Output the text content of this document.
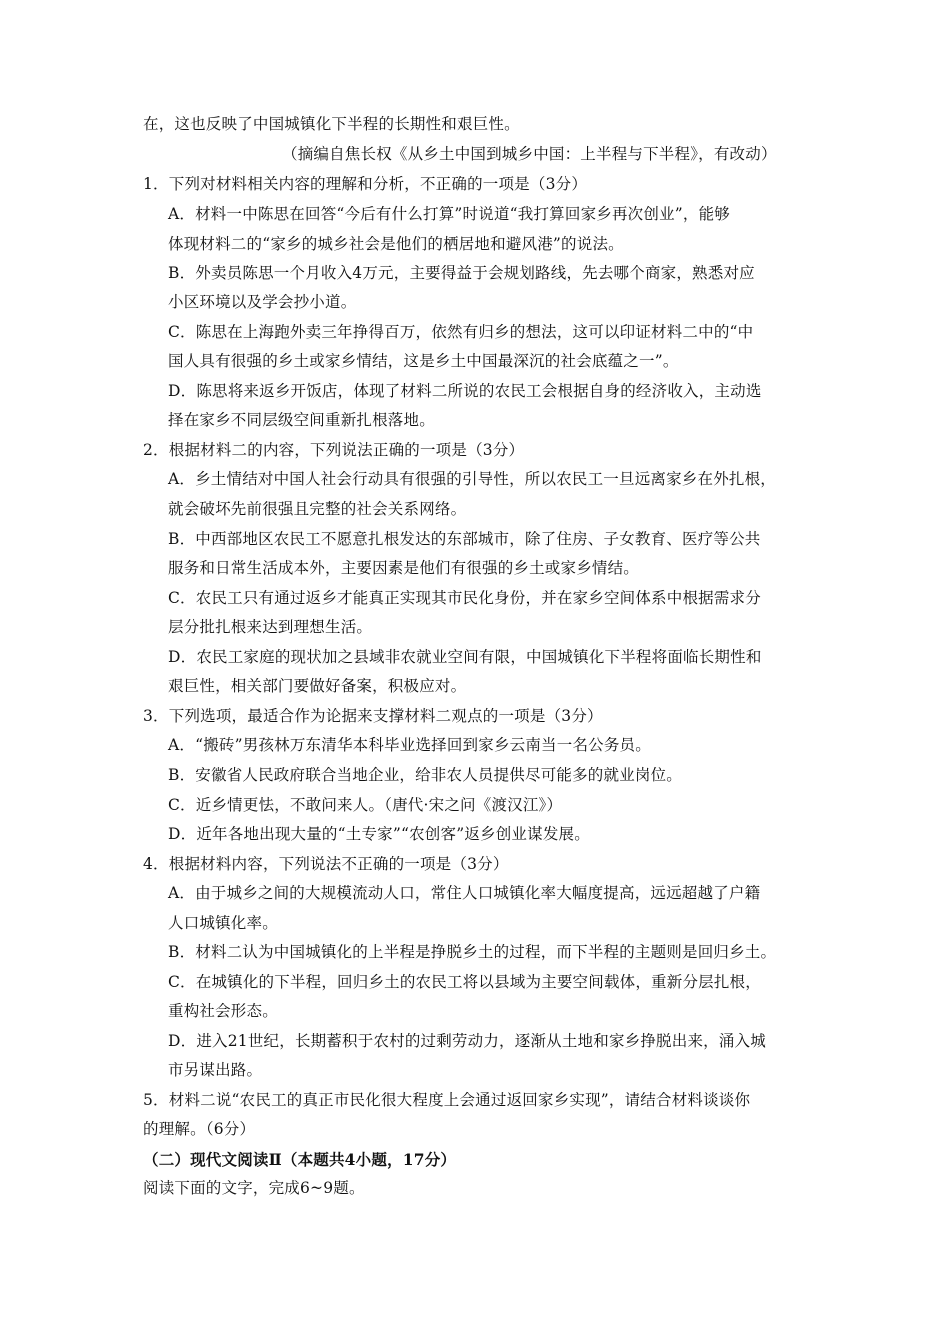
在，这也反映了中国城镇化下半程的长期性和艰巨性。
（摘编自焦长权《从乡土中国到城乡中国：上半程与下半程》，有改动）
1．下列对材料相关内容的理解和分析，不正确的一项是（3分）
A．材料一中陈思在回答“今后有什么打算”时说道“我打算回家乡再次创业”，能够
体现材料二的“家乡的城乡社会是他们的栖居地和避风港”的说法。
B．外卖员陈思一个月收入4万元，主要得益于会规划路线，先去哪个商家，熟悉对应
小区环境以及学会抄小道。
C．陈思在上海跑外卖三年挣得百万，依然有归乡的想法，这可以印证材料二中的“中
国人具有很强的乡土或家乡情结，这是乡土中国最深沉的社会底蕴之一”。
D．陈思将来返乡开饭店，体现了材料二所说的农民工会根据自身的经济收入，主动选
择在家乡不同层级空间重新扎根落地。
2．根据材料二的内容，下列说法正确的一项是（3分）
A．乡土情结对中国人社会行动具有很强的引导性，所以农民工一旦远离家乡在外扎根，
就会破坏先前很强且完整的社会关系网络。
B．中西部地区农民工不愿意扎根发达的东部城市，除了住房、子女教育、医疗等公共
服务和日常生活成本外，主要因素是他们有很强的乡土或家乡情结。
C．农民工只有通过返乡才能真正实现其市民化身份，并在家乡空间体系中根据需求分
层分批扎根来达到理想生活。
D．农民工家庭的现状加之县域非农就业空间有限，中国城镇化下半程将面临长期性和
艰巨性，相关部门要做好备案，积极应对。
3．下列选项，最适合作为论据来支撑材料二观点的一项是（3分）
A．“搬砖”男孩林万东清华本科毕业选择回到家乡云南当一名公务员。
B．安徽省人民政府联合当地企业，给非农人员提供尽可能多的就业岗位。
C．近乡情更怯，不敢问来人。（唐代·宋之问《渡汉江》）
D．近年各地出现大量的“土专家”“农创客”返乡创业谋发展。
4．根据材料内容，下列说法不正确的一项是（3分）
A．由于城乡之间的大规模流动人口，常住人口城镇化率大幅度提高，远远超越了户籍
人口城镇化率。
B．材料二认为中国城镇化的上半程是挣脱乡土的过程，而下半程的主题则是回归乡土。
C．在城镇化的下半程，回归乡土的农民工将以县域为主要空间载体，重新分层扎根，
重构社会形态。
D．进入21世纪，长期蓄积于农村的过剩劳动力，逐渐从土地和家乡挣脱出来，涌入城
市另谋出路。
5．材料二说“农民工的真正市民化很大程度上会通过返回家乡实现”，请结合材料谈谈你
的理解。（6分）
（二）现代文阅读Ⅱ（本题共4小题，17分）
阅读下面的文字，完成6~9题。
